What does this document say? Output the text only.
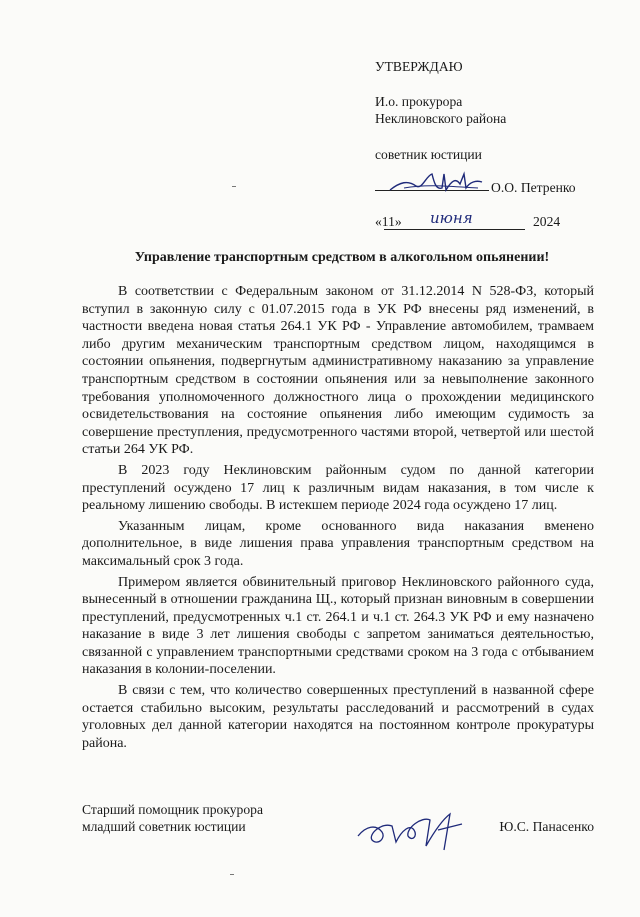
УТВЕРЖДАЮ
И.о. прокурора
Неклиновского района
советник юстиции
О.О. Петренко
«11» июня	2024
Управление транспортным средством в алкогольном опьянении!

В соответствии с Федеральным законом от 31.12.2014 N 528-ФЗ, который вступил в законную силу с 01.07.2015 года в УК РФ внесены ряд изменений, в частности введена новая статья 264.1 УК РФ - Управление автомобилем, трамваем либо другим механическим транспортным средством лицом, находящимся в состоянии опьянения, подвергнутым административному наказанию за управление транспортным средством в состоянии опьянения или за невыполнение законного требования уполномоченного должностного лица о прохождении медицинского освидетельствования на состояние опьянения либо имеющим судимость за совершение преступления, предусмотренного частями второй, четвертой или шестой статьи 264 УК РФ.

В 2023 году Неклиновским районным судом по данной категории преступлений осуждено 17 лиц к различным видам наказания, в том числе к реальному лишению свободы. В истекшем периоде 2024 года осуждено 17 лиц.

Указанным лицам, кроме основанного вида наказания вменено дополнительное, в виде лишения права управления транспортным средством на максимальный срок 3 года.

Примером является обвинительный приговор Неклиновского районного суда, вынесенный в отношении гражданина Щ., который признан виновным в совершении преступлений, предусмотренных ч.1 ст. 264.1 и ч.1 ст. 264.3 УК РФ и ему назначено наказание в виде 3 лет лишения свободы с запретом заниматься деятельностью, связанной с управлением транспортными средствами сроком на 3 года с отбыванием наказания в колонии-поселении.

В связи с тем, что количество совершенных преступлений в названной сфере остается стабильно высоким, результаты расследований и рассмотрений в судах уголовных дел данной категории находятся на постоянном контроле прокуратуры района.

Старший помощник прокурора
младший советник юстиции	Ю.С. Панасенко
